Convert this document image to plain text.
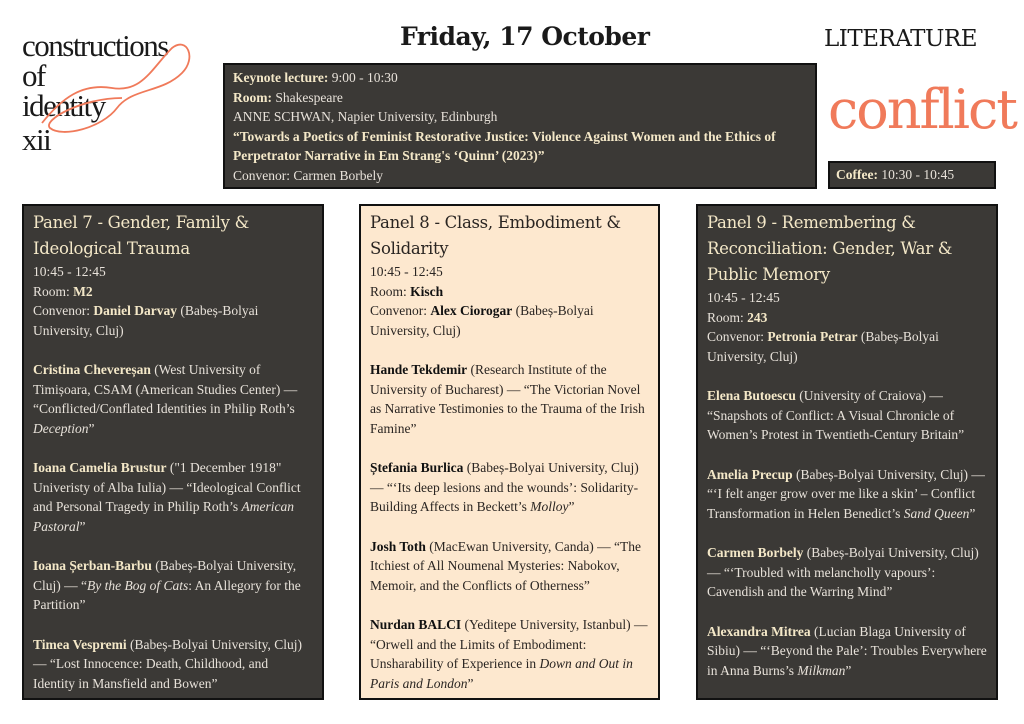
constructions
of
identity
xii
Friday, 17 October	LITERATURE
conflict
Keynote lecture: 9:00 - 10:30
Room: Shakespeare
ANNE SCHWAN, Napier University, Edinburgh
“Towards a Poetics of Feminist Restorative Justice: Violence Against Women and the Ethics of Perpetrator Narrative in Em Strang's ‘Quinn’ (2023)”
Convenor: Carmen Borbely	Coffee: 10:30 - 10:45
Panel 7 - Gender, Family & Ideological Trauma
10:45 - 12:45
Room: M2
Convenor: Daniel Darvay (Babeș-Bolyai University, Cluj)
Cristina Chevereșan (West University of Timișoara, CSAM (American Studies Center) — “Conflicted/Conflated Identities in Philip Roth’s Deception”
Ioana Camelia Brustur ("1 December 1918" Univeristy of Alba Iulia) — “Ideological Conflict and Personal Tragedy in Philip Roth’s American Pastoral”
Ioana Șerban-Barbu (Babeș-Bolyai University, Cluj) — “By the Bog of Cats: An Allegory for the Partition”
Timea Vespremi (Babeș-Bolyai University, Cluj) — “Lost Innocence: Death, Childhood, and Identity in Mansfield and Bowen”
Panel 8 - Class, Embodiment & Solidarity
10:45 - 12:45
Room: Kisch
Convenor: Alex Ciorogar (Babeș-Bolyai University, Cluj)
Hande Tekdemir (Research Institute of the University of Bucharest) — “The Victorian Novel as Narrative Testimonies to the Trauma of the Irish Famine”
Ștefania Burlica (Babeș-Bolyai University, Cluj) — “‘Its deep lesions and the wounds’: Solidarity-Building Affects in Beckett’s Molloy”
Josh Toth (MacEwan University, Canda) — “The Itchiest of All Noumenal Mysteries: Nabokov, Memoir, and the Conflicts of Otherness”
Nurdan BALCI (Yeditepe University, Istanbul) — “Orwell and the Limits of Embodiment: Unsharability of Experience in Down and Out in Paris and London”
Panel 9 - Remembering & Reconciliation: Gender, War & Public Memory
10:45 - 12:45
Room: 243
Convenor: Petronia Petrar (Babeș-Bolyai University, Cluj)
Elena Butoescu (University of Craiova) — “Snapshots of Conflict: A Visual Chronicle of Women’s Protest in Twentieth-Century Britain”
Amelia Precup (Babeș-Bolyai University, Cluj) — “‘I felt anger grow over me like a skin’ – Conflict Transformation in Helen Benedict’s Sand Queen”
Carmen Borbely (Babeș-Bolyai University, Cluj) — “‘Troubled with melancholly vapours’: Cavendish and the Warring Mind”
Alexandra Mitrea (Lucian Blaga University of Sibiu) — “‘Beyond the Pale’: Troubles Everywhere in Anna Burns’s Milkman”
